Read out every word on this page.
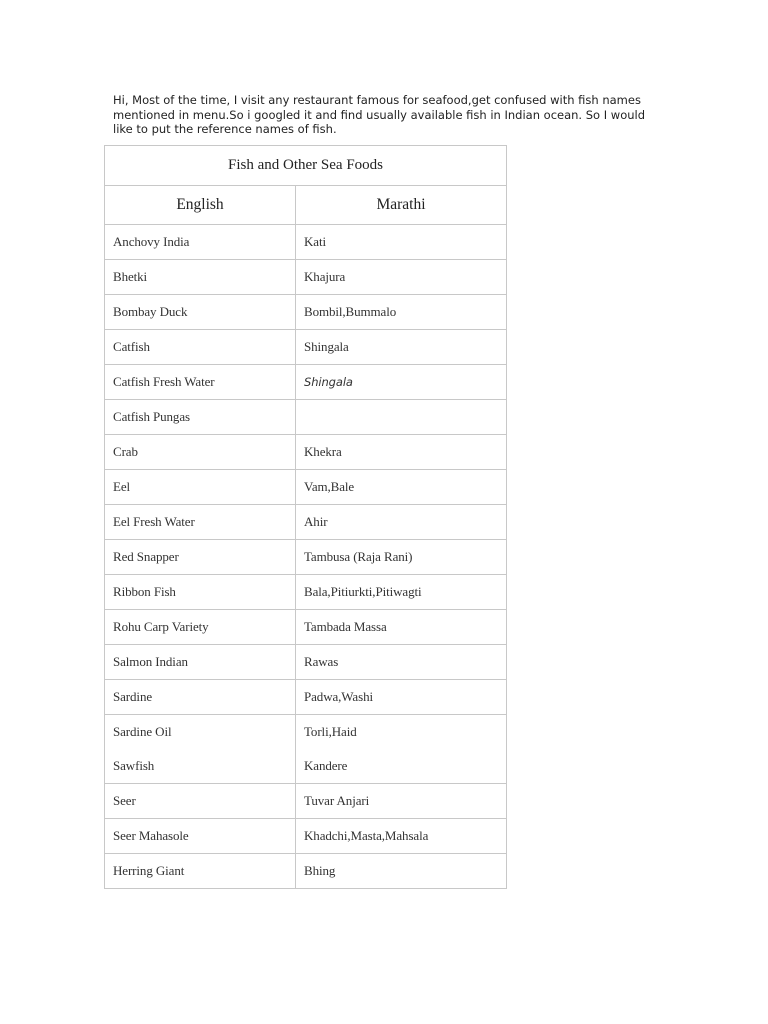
Hi, Most of the time, I visit any restaurant famous for seafood,get confused with fish names
mentioned in menu.So i googled it and find usually available fish in Indian ocean. So I would
like to put the reference names of fish.

Fish and Other Sea Foods	
English	Marathi
Anchovy India	Kati
Bhetki	Khajura
Bombay Duck	Bombil,Bummalo
Catfish	Shingala
Catfish Fresh Water	Shingala
Catfish Pungas	
Crab	Khekra
Eel	Vam,Bale
Eel Fresh Water	Ahir
Red Snapper	Tambusa (Raja Rani)
Ribbon Fish	Bala,Pitiurkti,Pitiwagti
Rohu Carp Variety	Tambada Massa
Salmon Indian	Rawas
Sardine	Padwa,Washi
Sardine Oil	Torli,Haid
Sawfish	Kandere
Seer	Tuvar Anjari
Seer Mahasole	Khadchi,Masta,Mahsala
Herring Giant	Bhing
